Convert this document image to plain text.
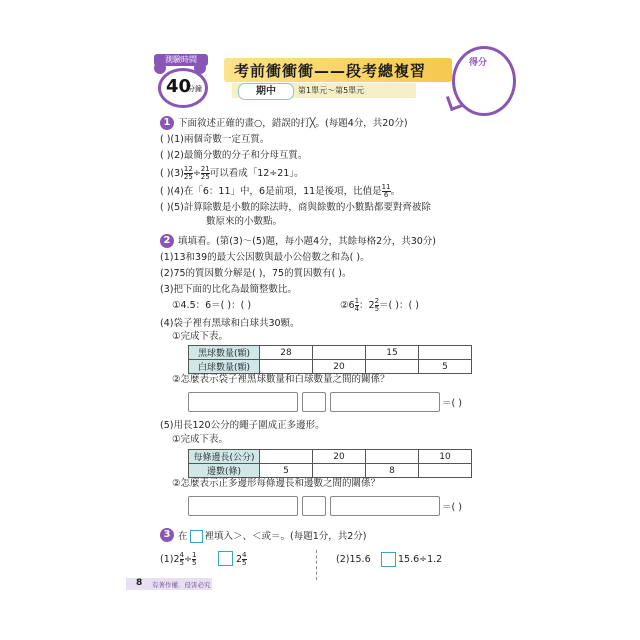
測驗時間
40
分鐘
考前衝衝衝——段考總複習
期中	第1單元～第5單元
得分
1 下面敘述正確的畫○，錯誤的打╳。(每題4分，共20分)
( )(1)兩個奇數一定互質。
( )(2)最簡分數的分子和分母互質。
( )$(3) \frac{12}{25}\div \frac{21}{25}$可以看成「12÷21」。
( )(4)在「6：11」中，6是前項，11是後項，比值是 $\frac{11}{6}$。
( )(5)計算除數是小數的除法時，商與餘數的小數點都要對齊被除
數原來的小數點。
2 填填看。(第(3)～(5)題，每小題4分，其餘每格2分，共30分)
(1)13和39的最大公因數與最小公倍數之和為( )。
(2)75的質因數分解是( )，75的質因數有( )。
(3)把下面的比化為最簡整數比。
①4.5：6＝( )：( )	②6 $\frac{1}{4}$：$2 \frac{2}{5}=$( )：( )
(4)袋子裡有黑球和白球共30顆。
①完成下表。
黑球數量(顆)	28		15	
白球數量(顆)		20		5
②怎麼表示袋子裡黑球數量和白球數量之間的關係？
＝( )
(5)用長120公分的繩子圍成正多邊形。
①完成下表。
每條邊長(公分)		20		10
邊數(條)	5		8	
②怎麼表示正多邊形每條邊長和邊數之間的關係？
＝( )
3 在 裡填入＞、＜或＝。(每題1分，共2分)
$(1)2 \frac{4}{5}\div \frac{1}{5}$	$2 \frac{4}{5}$	(2)15.6	15.6÷1.2
8 有著作權．侵害必究
